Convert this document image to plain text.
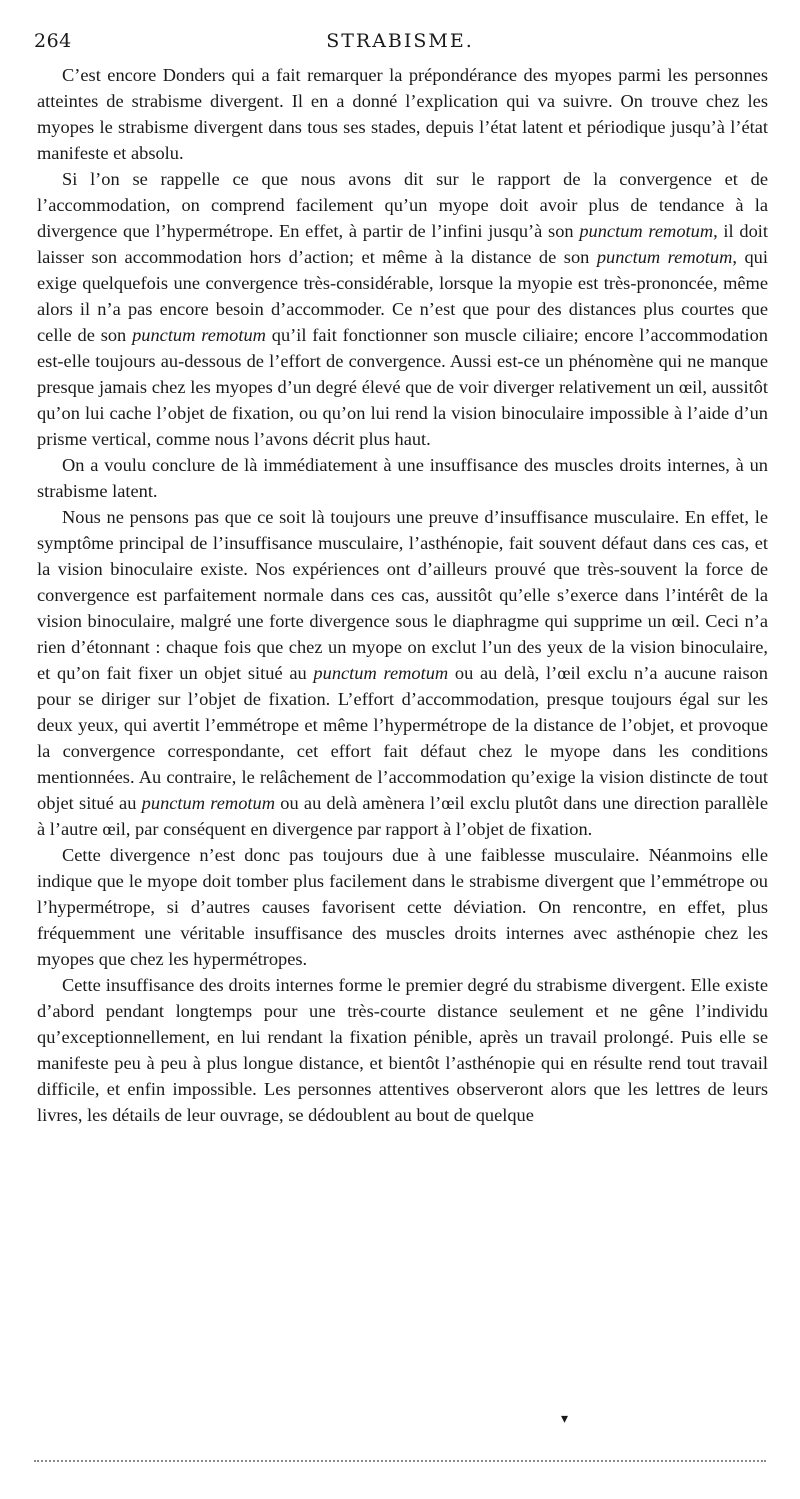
264	STRABISME.

C’est encore Donders qui a fait remarquer la prépondérance des myopes parmi les personnes atteintes de strabisme divergent. Il en a donné l’explication qui va suivre. On trouve chez les myopes le strabisme divergent dans tous ses stades, depuis l’état latent et périodique jusqu’à l’état manifeste et absolu.

Si l’on se rappelle ce que nous avons dit sur le rapport de la convergence et de l’accommodation, on comprend facilement qu’un myope doit avoir plus de tendance à la divergence que l’hypermétrope. En effet, à partir de l’infini jusqu’à son punctum remotum, il doit laisser son accommodation hors d’action; et même à la distance de son punctum remotum, qui exige quelquefois une convergence très-considérable, lorsque la myopie est très-prononcée, même alors il n’a pas encore besoin d’accommoder. Ce n’est que pour des distances plus courtes que celle de son punctum remotum qu’il fait fonctionner son muscle ciliaire; encore l’accommodation est-elle toujours au-dessous de l’effort de convergence. Aussi est-ce un phénomène qui ne manque presque jamais chez les myopes d’un degré élevé que de voir diverger relativement un œil, aussitôt qu’on lui cache l’objet de fixation, ou qu’on lui rend la vision binoculaire impossible à l’aide d’un prisme vertical, comme nous l’avons décrit plus haut.

On a voulu conclure de là immédiatement à une insuffisance des muscles droits internes, à un strabisme latent.

Nous ne pensons pas que ce soit là toujours une preuve d’insuffisance musculaire. En effet, le symptôme principal de l’insuffisance musculaire, l’asthénopie, fait souvent défaut dans ces cas, et la vision binoculaire existe. Nos expériences ont d’ailleurs prouvé que très-souvent la force de convergence est parfaitement normale dans ces cas, aussitôt qu’elle s’exerce dans l’intérêt de la vision binoculaire, malgré une forte divergence sous le diaphragme qui supprime un œil. Ceci n’a rien d’étonnant : chaque fois que chez un myope on exclut l’un des yeux de la vision binoculaire, et qu’on fait fixer un objet situé au punctum remotum ou au delà, l’œil exclu n’a aucune raison pour se diriger sur l’objet de fixation. L’effort d’accommodation, presque toujours égal sur les deux yeux, qui avertit l’emmétrope et même l’hypermétrope de la distance de l’objet, et provoque la convergence correspondante, cet effort fait défaut chez le myope dans les conditions mentionnées. Au contraire, le relâchement de l’accommodation qu’exige la vision distincte de tout objet situé au punctum remotum ou au delà amènera l’œil exclu plutôt dans une direction parallèle à l’autre œil, par conséquent en divergence par rapport à l’objet de fixation.

Cette divergence n’est donc pas toujours due à une faiblesse musculaire. Néanmoins elle indique que le myope doit tomber plus facilement dans le strabisme divergent que l’emmétrope ou l’hypermétrope, si d’autres causes favorisent cette déviation. On rencontre, en effet, plus fréquemment une véritable insuffisance des muscles droits internes avec asthénopie chez les myopes que chez les hypermétropes.

Cette insuffisance des droits internes forme le premier degré du strabisme divergent. Elle existe d’abord pendant longtemps pour une très-courte distance seulement et ne gêne l’individu qu’exceptionnellement, en lui rendant la fixation pénible, après un travail prolongé. Puis elle se manifeste peu à peu à plus longue distance, et bientôt l’asthénopie qui en résulte rend tout travail difficile, et enfin impossible. Les personnes attentives observeront alors que les lettres de leurs livres, les détails de leur ouvrage, se dédoublent au bout de quelque

▾
